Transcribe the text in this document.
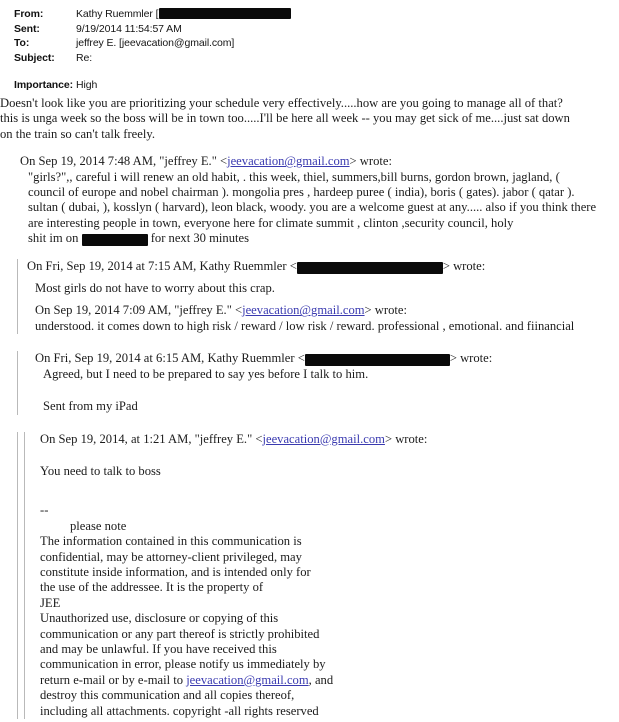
From:	Kathy Ruemmler [
Sent:	9/19/2014 11:54:57 AM
To:	jeffrey E. [jeevacation@gmail.com]
Subject:	Re:
Importance: High

Doesn't look like you are prioritizing your schedule very effectively.....how are you going to manage all of that? this is unga week so the boss will be in town too.....I'll be here all week -- you may get sick of me....just sat down on the train so can't talk freely.

On Sep 19, 2014 7:48 AM, "jeffrey E." <jeevacation@gmail.com> wrote:

"girls?",, careful i will renew an old habit, . this week, thiel, summers,bill burns, gordon brown, jagland, ( council of europe and nobel chairman ). mongolia pres , hardeep puree ( india), boris ( gates). jabor ( qatar ). sultan ( dubai, ), kosslyn ( harvard), leon black, woody. you are a welcome guest at any..... also if you think there are interesting people in town, everyone here for climate summit , clinton ,security council, holy

shit im on	for next 30 minutes

On Fri, Sep 19, 2014 at 7:15 AM, Kathy Ruemmler <	> wrote:

Most girls do not have to worry about this crap.

On Sep 19, 2014 7:09 AM, "jeffrey E." <jeevacation@gmail.com> wrote:

understood. it comes down to high risk / reward / low risk / reward. professional , emotional. and fiinancial

On Fri, Sep 19, 2014 at 6:15 AM, Kathy Ruemmler <	> wrote:

Agreed, but I need to be prepared to say yes before I talk to him.

Sent from my iPad

On Sep 19, 2014, at 1:21 AM, "jeffrey E." <jeevacation@gmail.com> wrote:

You need to talk to boss

--

please note

The information contained in this communication is

confidential, may be attorney-client privileged, may

constitute inside information, and is intended only for

the use of the addressee. It is the property of

JEE

Unauthorized use, disclosure or copying of this

communication or any part thereof is strictly prohibited

and may be unlawful. If you have received this

communication in error, please notify us immediately by

return e-mail or by e-mail to jeevacation@gmail.com, and

destroy this communication and all copies thereof,

including all attachments. copyright -all rights reserved
